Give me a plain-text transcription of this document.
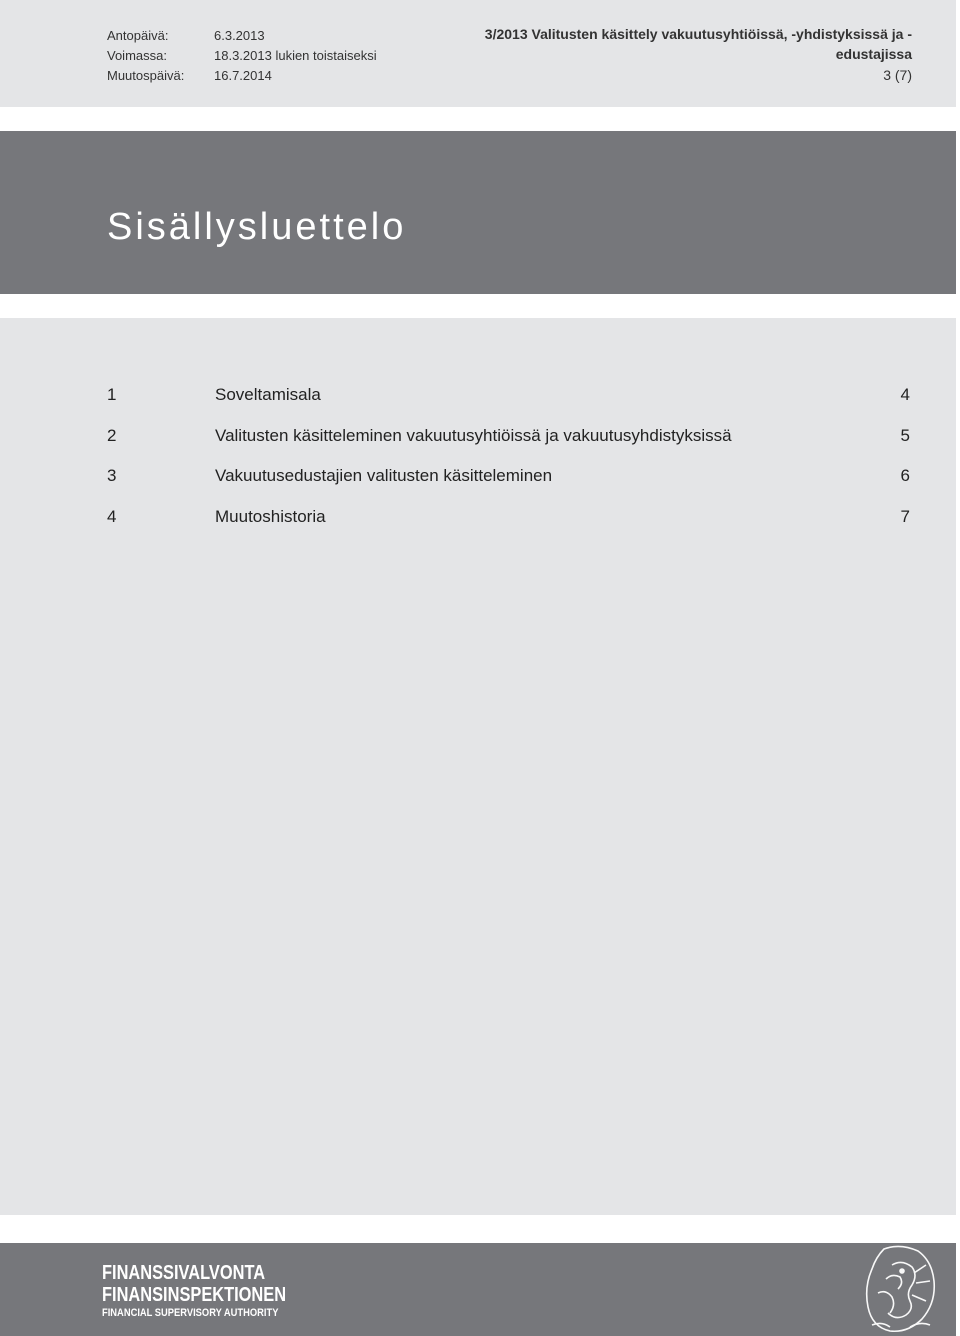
Antopäivä:	6.3.2013
Voimassa:	18.3.2013 lukien toistaiseksi
Muutospäivä: 16.7.2014
3/2013 Valitusten käsittely vakuutusyhtiöissä, -yhdistyksissä ja -edustajissa
3 (7)
Sisällysluettelo
1	Soveltamisala	4
2	Valitusten käsitteleminen vakuutusyhtiöissä ja vakuutusyhdistyksissä	5
3	Vakuutusedustajien valitusten käsitteleminen	6
4	Muutoshistoria	7
FINANSSIVALVONTA
FINANSINSPEKTIONEN
FINANCIAL SUPERVISORY AUTHORITY
